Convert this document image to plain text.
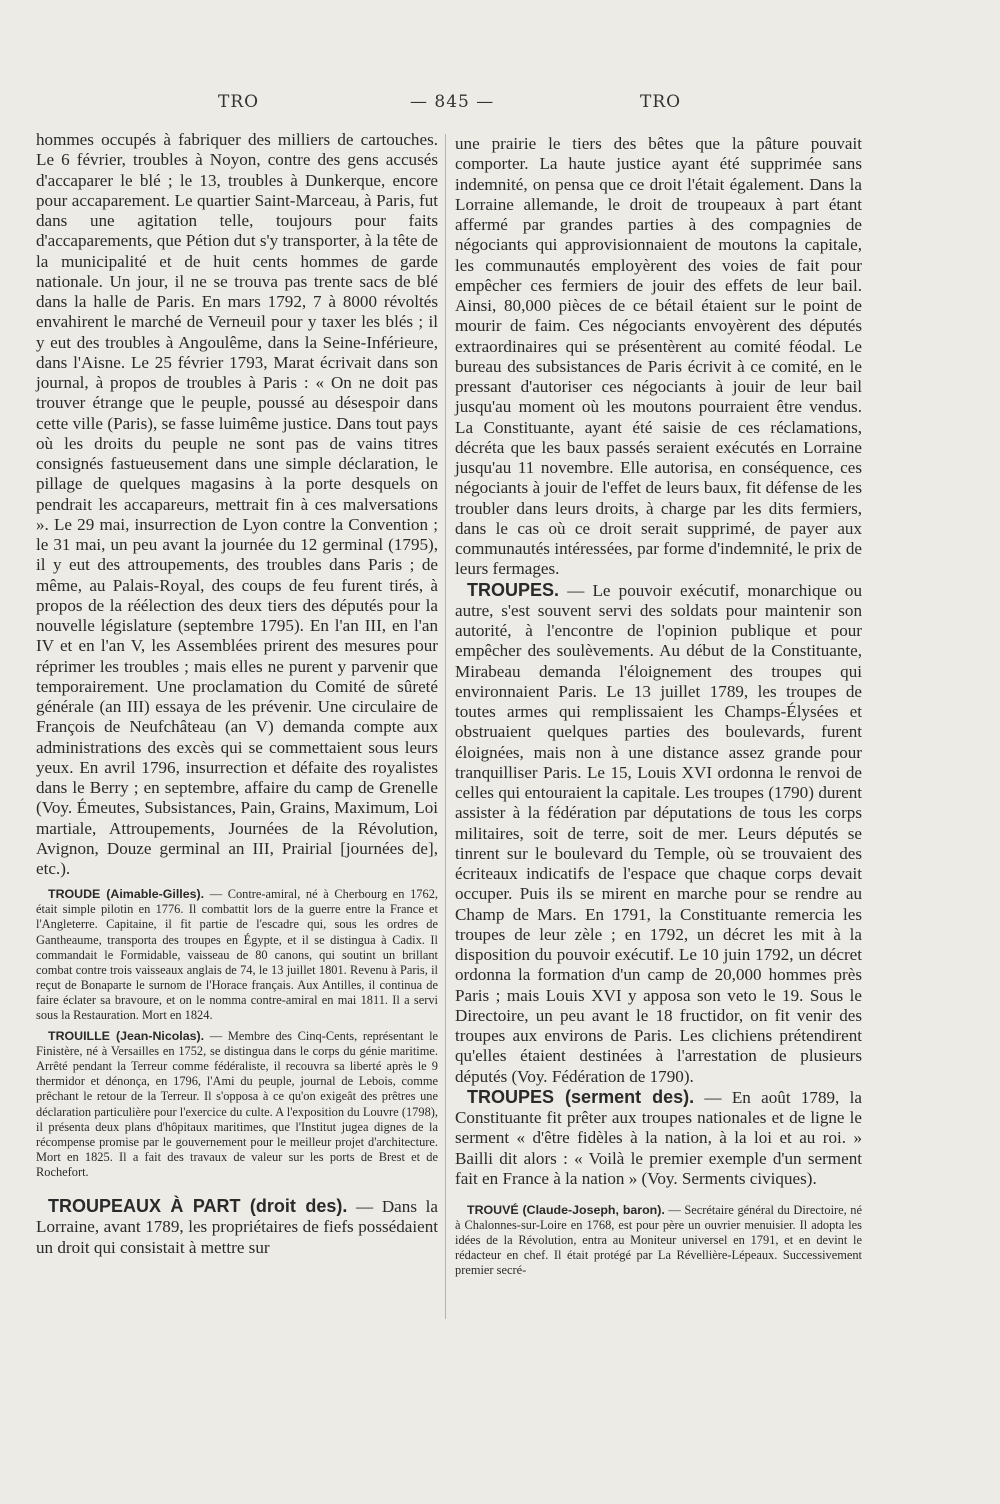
TRO	— 845 —	TRO

hommes occupés à fabriquer des milliers de cartouches. Le 6 février, troubles à Noyon, contre des gens accusés d'accaparer le blé ; le 13, troubles à Dunkerque, encore pour accaparement. Le quartier Saint-Marceau, à Paris, fut dans une agitation telle, toujours pour faits d'accaparements, que Pétion dut s'y transporter, à la tête de la municipalité et de huit cents hommes de garde nationale. Un jour, il ne se trouva pas trente sacs de blé dans la halle de Paris. En mars 1792, 7 à 8000 révoltés envahirent le marché de Verneuil pour y taxer les blés ; il y eut des troubles à Angoulême, dans la Seine-Inférieure, dans l'Aisne. Le 25 février 1793, Marat écrivait dans son journal, à propos de troubles à Paris : « On ne doit pas trouver étrange que le peuple, poussé au désespoir dans cette ville (Paris), se fasse luimême justice. Dans tout pays où les droits du peuple ne sont pas de vains titres consignés fastueusement dans une simple déclaration, le pillage de quelques magasins à la porte desquels on pendrait les accapareurs, mettrait fin à ces malversations ». Le 29 mai, insurrection de Lyon contre la Convention ; le 31 mai, un peu avant la journée du 12 germinal (1795), il y eut des attroupements, des troubles dans Paris ; de même, au Palais-Royal, des coups de feu furent tirés, à propos de la réélection des deux tiers des députés pour la nouvelle législature (septembre 1795). En l'an III, en l'an IV et en l'an V, les Assemblées prirent des mesures pour réprimer les troubles ; mais elles ne purent y parvenir que temporairement. Une proclamation du Comité de sûreté générale (an III) essaya de les prévenir. Une circulaire de François de Neufchâteau (an V) demanda compte aux administrations des excès qui se commettaient sous leurs yeux. En avril 1796, insurrection et défaite des royalistes dans le Berry ; en septembre, affaire du camp de Grenelle (Voy. Émeutes, Subsistances, Pain, Grains, Maximum, Loi martiale, Attroupements, Journées de la Révolution, Avignon, Douze germinal an III, Prairial [journées de], etc.).

TROUDE (Aimable-Gilles). — Contre-amiral, né à Cherbourg en 1762, était simple pilotin en 1776. Il combattit lors de la guerre entre la France et l'Angleterre. Capitaine, il fit partie de l'escadre qui, sous les ordres de Gantheaume, transporta des troupes en Égypte, et il se distingua à Cadix. Il commandait le Formidable, vaisseau de 80 canons, qui soutint un brillant combat contre trois vaisseaux anglais de 74, le 13 juillet 1801. Revenu à Paris, il reçut de Bonaparte le surnom de l'Horace français. Aux Antilles, il continua de faire éclater sa bravoure, et on le nomma contre-amiral en mai 1811. Il a servi sous la Restauration. Mort en 1824.

TROUILLE (Jean-Nicolas). — Membre des Cinq-Cents, représentant le Finistère, né à Versailles en 1752, se distingua dans le corps du génie maritime. Arrêté pendant la Terreur comme fédéraliste, il recouvra sa liberté après le 9 thermidor et dénonça, en 1796, l'Ami du peuple, journal de Lebois, comme prêchant le retour de la Terreur. Il s'opposa à ce qu'on exigeât des prêtres une déclaration particulière pour l'exercice du culte. A l'exposition du Louvre (1798), il présenta deux plans d'hôpitaux maritimes, que l'Institut jugea dignes de la récompense promise par le gouvernement pour le meilleur projet d'architecture. Mort en 1825. Il a fait des travaux de valeur sur les ports de Brest et de Rochefort.

TROUPEAUX À PART (droit des). — Dans la Lorraine, avant 1789, les propriétaires de fiefs possédaient un droit qui consistait à mettre sur

une prairie le tiers des bêtes que la pâture pouvait comporter. La haute justice ayant été supprimée sans indemnité, on pensa que ce droit l'était également. Dans la Lorraine allemande, le droit de troupeaux à part étant affermé par grandes parties à des compagnies de négociants qui approvisionnaient de moutons la capitale, les communautés employèrent des voies de fait pour empêcher ces fermiers de jouir des effets de leur bail. Ainsi, 80,000 pièces de ce bétail étaient sur le point de mourir de faim. Ces négociants envoyèrent des députés extraordinaires qui se présentèrent au comité féodal. Le bureau des subsistances de Paris écrivit à ce comité, en le pressant d'autoriser ces négociants à jouir de leur bail jusqu'au moment où les moutons pourraient être vendus. La Constituante, ayant été saisie de ces réclamations, décréta que les baux passés seraient exécutés en Lorraine jusqu'au 11 novembre. Elle autorisa, en conséquence, ces négociants à jouir de l'effet de leurs baux, fit défense de les troubler dans leurs droits, à charge par les dits fermiers, dans le cas où ce droit serait supprimé, de payer aux communautés intéressées, par forme d'indemnité, le prix de leurs fermages.

TROUPES. — Le pouvoir exécutif, monarchique ou autre, s'est souvent servi des soldats pour maintenir son autorité, à l'encontre de l'opinion publique et pour empêcher des soulèvements. Au début de la Constituante, Mirabeau demanda l'éloignement des troupes qui environnaient Paris. Le 13 juillet 1789, les troupes de toutes armes qui remplissaient les Champs-Élysées et obstruaient quelques parties des boulevards, furent éloignées, mais non à une distance assez grande pour tranquilliser Paris. Le 15, Louis XVI ordonna le renvoi de celles qui entouraient la capitale. Les troupes (1790) durent assister à la fédération par députations de tous les corps militaires, soit de terre, soit de mer. Leurs députés se tinrent sur le boulevard du Temple, où se trouvaient des écriteaux indicatifs de l'espace que chaque corps devait occuper. Puis ils se mirent en marche pour se rendre au Champ de Mars. En 1791, la Constituante remercia les troupes de leur zèle ; en 1792, un décret les mit à la disposition du pouvoir exécutif. Le 10 juin 1792, un décret ordonna la formation d'un camp de 20,000 hommes près Paris ; mais Louis XVI y apposa son veto le 19. Sous le Directoire, un peu avant le 18 fructidor, on fit venir des troupes aux environs de Paris. Les clichiens prétendirent qu'elles étaient destinées à l'arrestation de plusieurs députés (Voy. Fédération de 1790).

TROUPES (serment des). — En août 1789, la Constituante fit prêter aux troupes nationales et de ligne le serment « d'être fidèles à la nation, à la loi et au roi. » Bailli dit alors : « Voilà le premier exemple d'un serment fait en France à la nation » (Voy. Serments civiques).

TROUVÉ (Claude-Joseph, baron). — Secrétaire général du Directoire, né à Chalonnes-sur-Loire en 1768, est pour père un ouvrier menuisier. Il adopta les idées de la Révolution, entra au Moniteur universel en 1791, et en devint le rédacteur en chef. Il était protégé par La Révellière-Lépeaux. Successivement premier secré-
